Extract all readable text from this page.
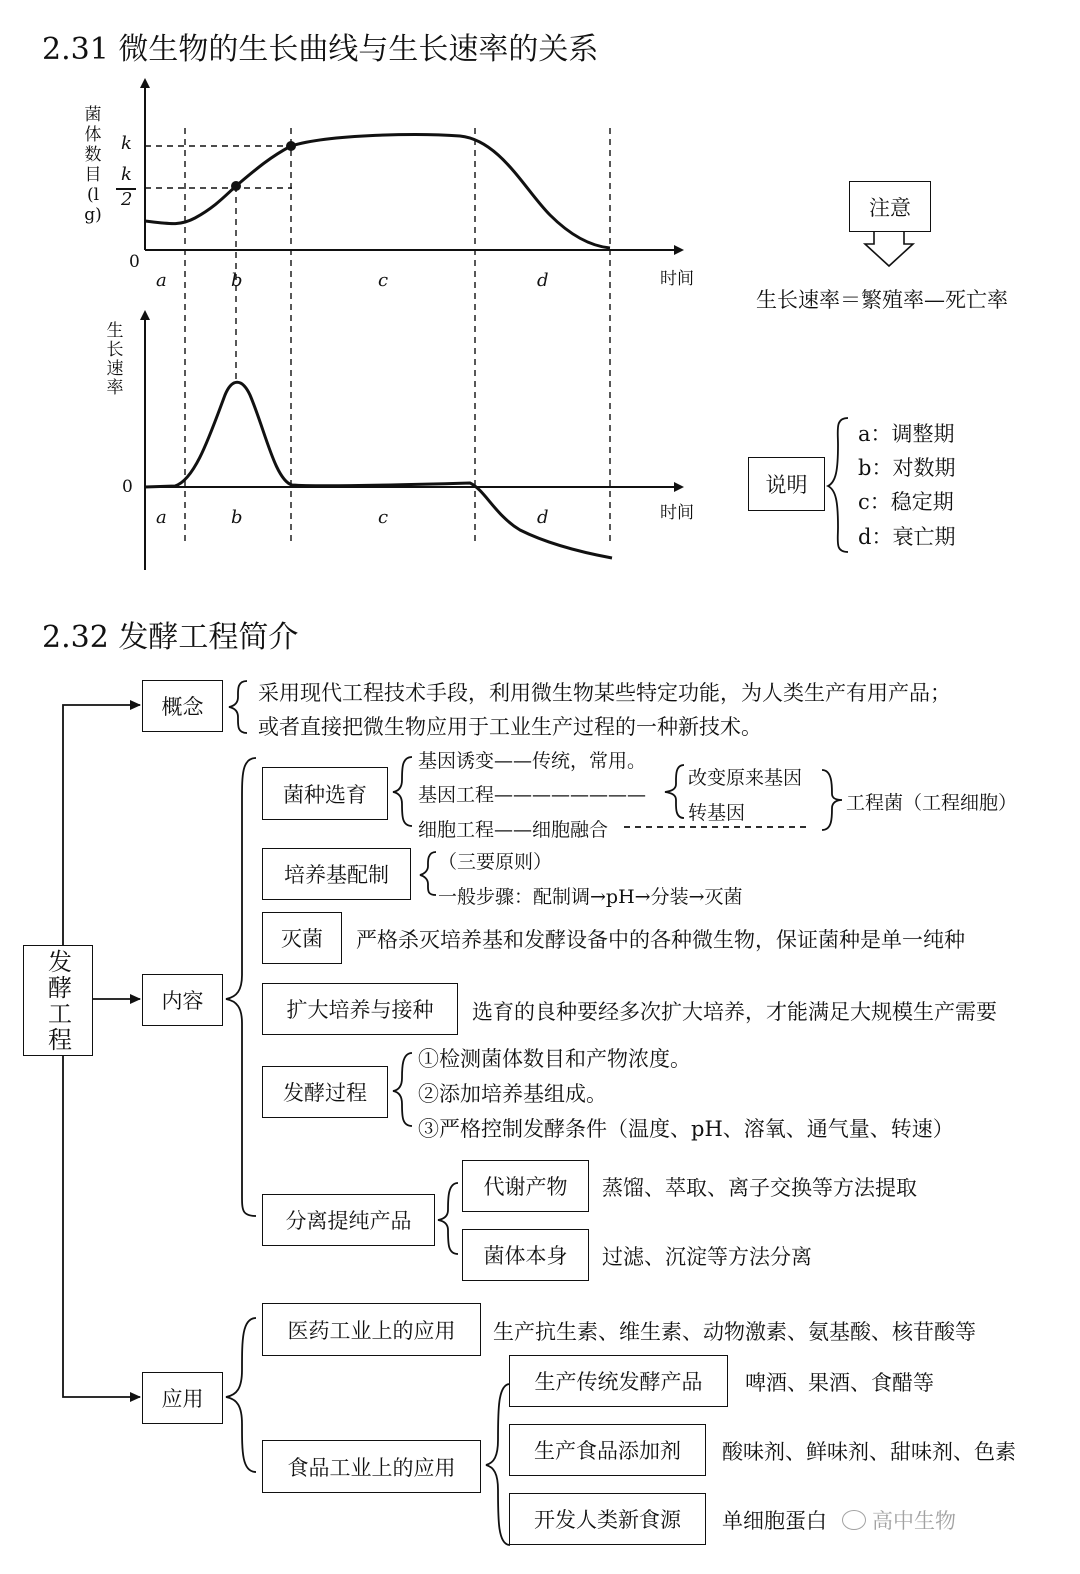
2.31 微生物的生长曲线与生长速率的关系
菌体数目(lg)
k
k
2
0
时间
a	b	c	d
生长速率
0
时间
a	b	c	d
注意
生长速率＝繁殖率—死亡率
说明
a：调整期
b：对数期
c：稳定期
d：衰亡期
2.32 发酵工程简介
发酵工程
概念
采用现代工程技术手段，利用微生物某些特定功能，为人类生产有用产品；
或者直接把微生物应用于工业生产过程的一种新技术。
内容
菌种选育
基因诱变——传统，常用。
基因工程————————
改变原来基因
转基因
细胞工程——细胞融合
工程菌（工程细胞）
培养基配制
（三要原则）
一般步骤：配制调→pH→分装→灭菌
灭菌	严格杀灭培养基和发酵设备中的各种微生物，保证菌种是单一纯种
扩大培养与接种	选育的良种要经多次扩大培养，才能满足大规模生产需要
发酵过程
①检测菌体数目和产物浓度。
②添加培养基组成。
③严格控制发酵条件（温度、pH、溶氧、通气量、转速）
分离提纯产品
代谢产物	蒸馏、萃取、离子交换等方法提取
菌体本身	过滤、沉淀等方法分离
应用
医药工业上的应用	生产抗生素、维生素、动物激素、氨基酸、核苷酸等
食品工业上的应用
生产传统发酵产品	啤酒、果酒、食醋等
生产食品添加剂	酸味剂、鲜味剂、甜味剂、色素
开发人类新食源	单细胞蛋白 高中生物
